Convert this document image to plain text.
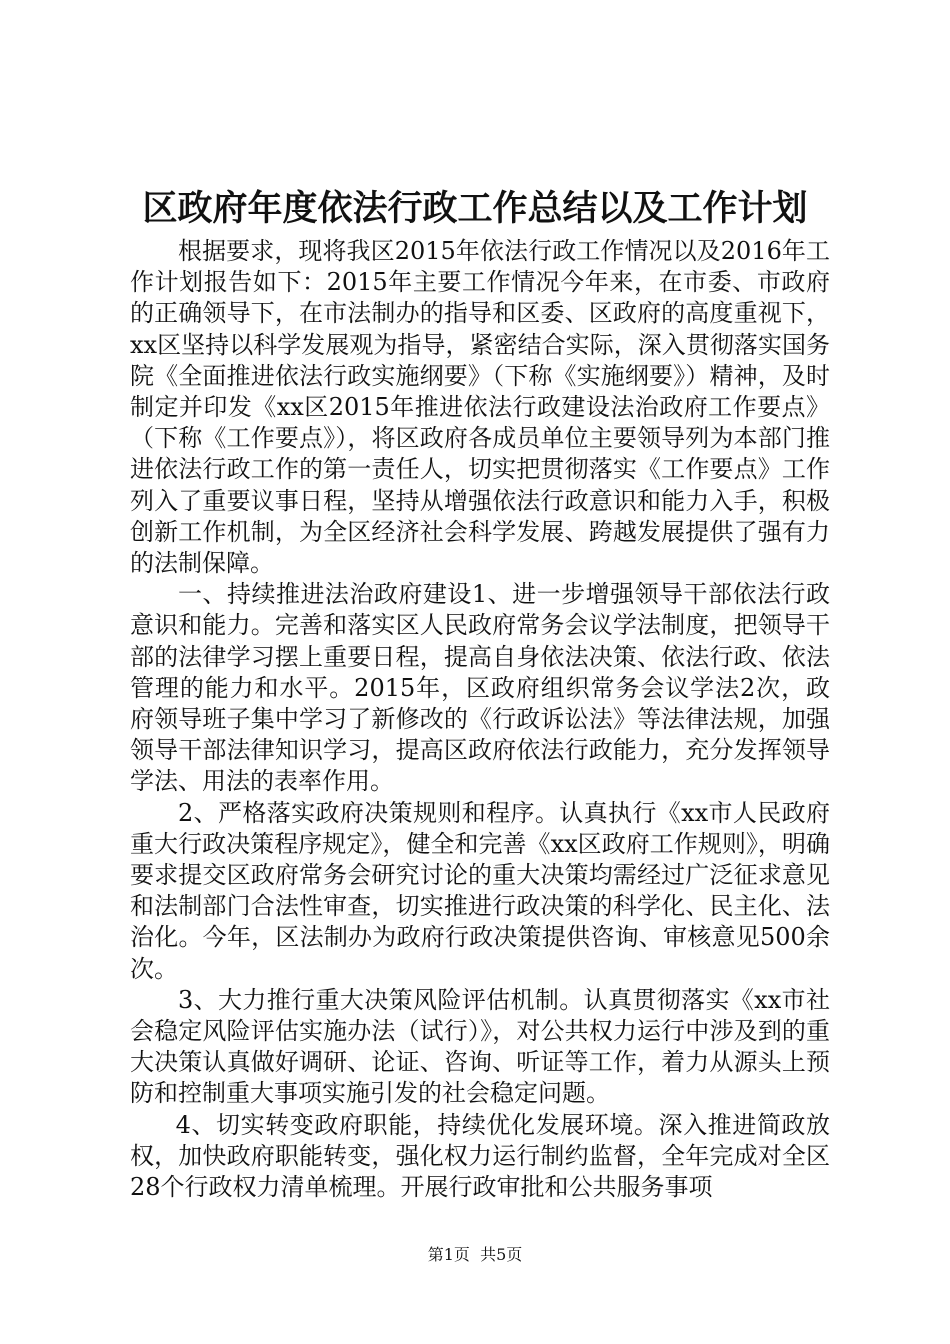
区政府年度依法行政工作总结以及工作计划

根据要求，现将我区2015年依法行政工作情况以及2016年工作计划报告如下：2015年主要工作情况今年来，在市委、市政府的正确领导下，在市法制办的指导和区委、区政府的高度重视下，xx区坚持以科学发展观为指导，紧密结合实际，深入贯彻落实国务院《全面推进依法行政实施纲要》（下称《实施纲要》）精神，及时制定并印发《xx区2015年推进依法行政建设法治政府工作要点》（下称《工作要点》），将区政府各成员单位主要领导列为本部门推进依法行政工作的第一责任人，切实把贯彻落实《工作要点》工作列入了重要议事日程，坚持从增强依法行政意识和能力入手，积极创新工作机制，为全区经济社会科学发展、跨越发展提供了强有力的法制保障。

一、持续推进法治政府建设1、进一步增强领导干部依法行政意识和能力。完善和落实区人民政府常务会议学法制度，把领导干部的法律学习摆上重要日程，提高自身依法决策、依法行政、依法管理的能力和水平。2015年，区政府组织常务会议学法2次，政府领导班子集中学习了新修改的《行政诉讼法》等法律法规，加强领导干部法律知识学习，提高区政府依法行政能力，充分发挥领导学法、用法的表率作用。

2、严格落实政府决策规则和程序。认真执行《xx市人民政府重大行政决策程序规定》，健全和完善《xx区政府工作规则》，明确要求提交区政府常务会研究讨论的重大决策均需经过广泛征求意见和法制部门合法性审查，切实推进行政决策的科学化、民主化、法治化。今年，区法制办为政府行政决策提供咨询、审核意见500余次。

3、大力推行重大决策风险评估机制。认真贯彻落实《xx市社会稳定风险评估实施办法（试行）》，对公共权力运行中涉及到的重大决策认真做好调研、论证、咨询、听证等工作，着力从源头上预防和控制重大事项实施引发的社会稳定问题。

4、切实转变政府职能，持续优化发展环境。深入推进简政放权，加快政府职能转变，强化权力运行制约监督，全年完成对全区28个行政权力清单梳理。开展行政审批和公共服务事项

第1页  共5页
